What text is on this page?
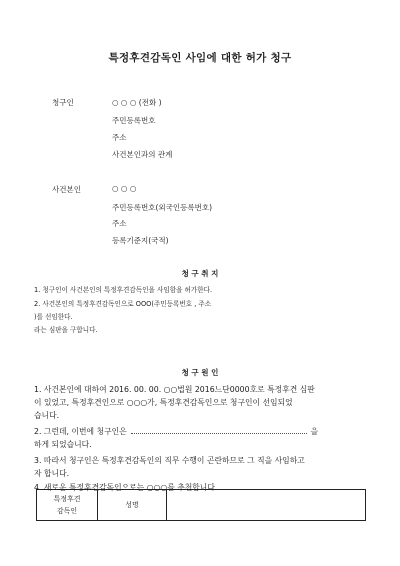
특정후견감독인 사임에 대한 허가 청구
청구인	○ ○ ○ (전화 )
주민등록번호
주소
사건본인과의 관계
사건본인	○ ○ ○
주민등록번호(외국인등록번호)
주소
등록기준지(국적)
청 구 취 지
1. 청구인이 사건본인의 특정후견감독인을 사임함을 허가한다.
2. 사건본인의 특정후견감독인으로 OOO(주민등록번호 , 주소
)를 선임한다.
라는 심판을 구합니다.
청 구 원 인
1. 사건본인에 대하여 2016. 00. 00. ○○법원 2016느단0000호로 특정후견 심판
이 있었고, 특정후견인으로 ○○○가, 특정후견감독인으로 청구인이 선임되었
습니다.
2. 그런데, 이번에 청구인은	을
하게 되었습니다.
3. 따라서 청구인은 특정후견감독인의 직무 수행이 곤란하므로 그 직을 사임하고
자 합니다.
4. 새로운 특정후견감독인으로는 ○○○를 추천합니다.
특정후견
감독인
	성명	
